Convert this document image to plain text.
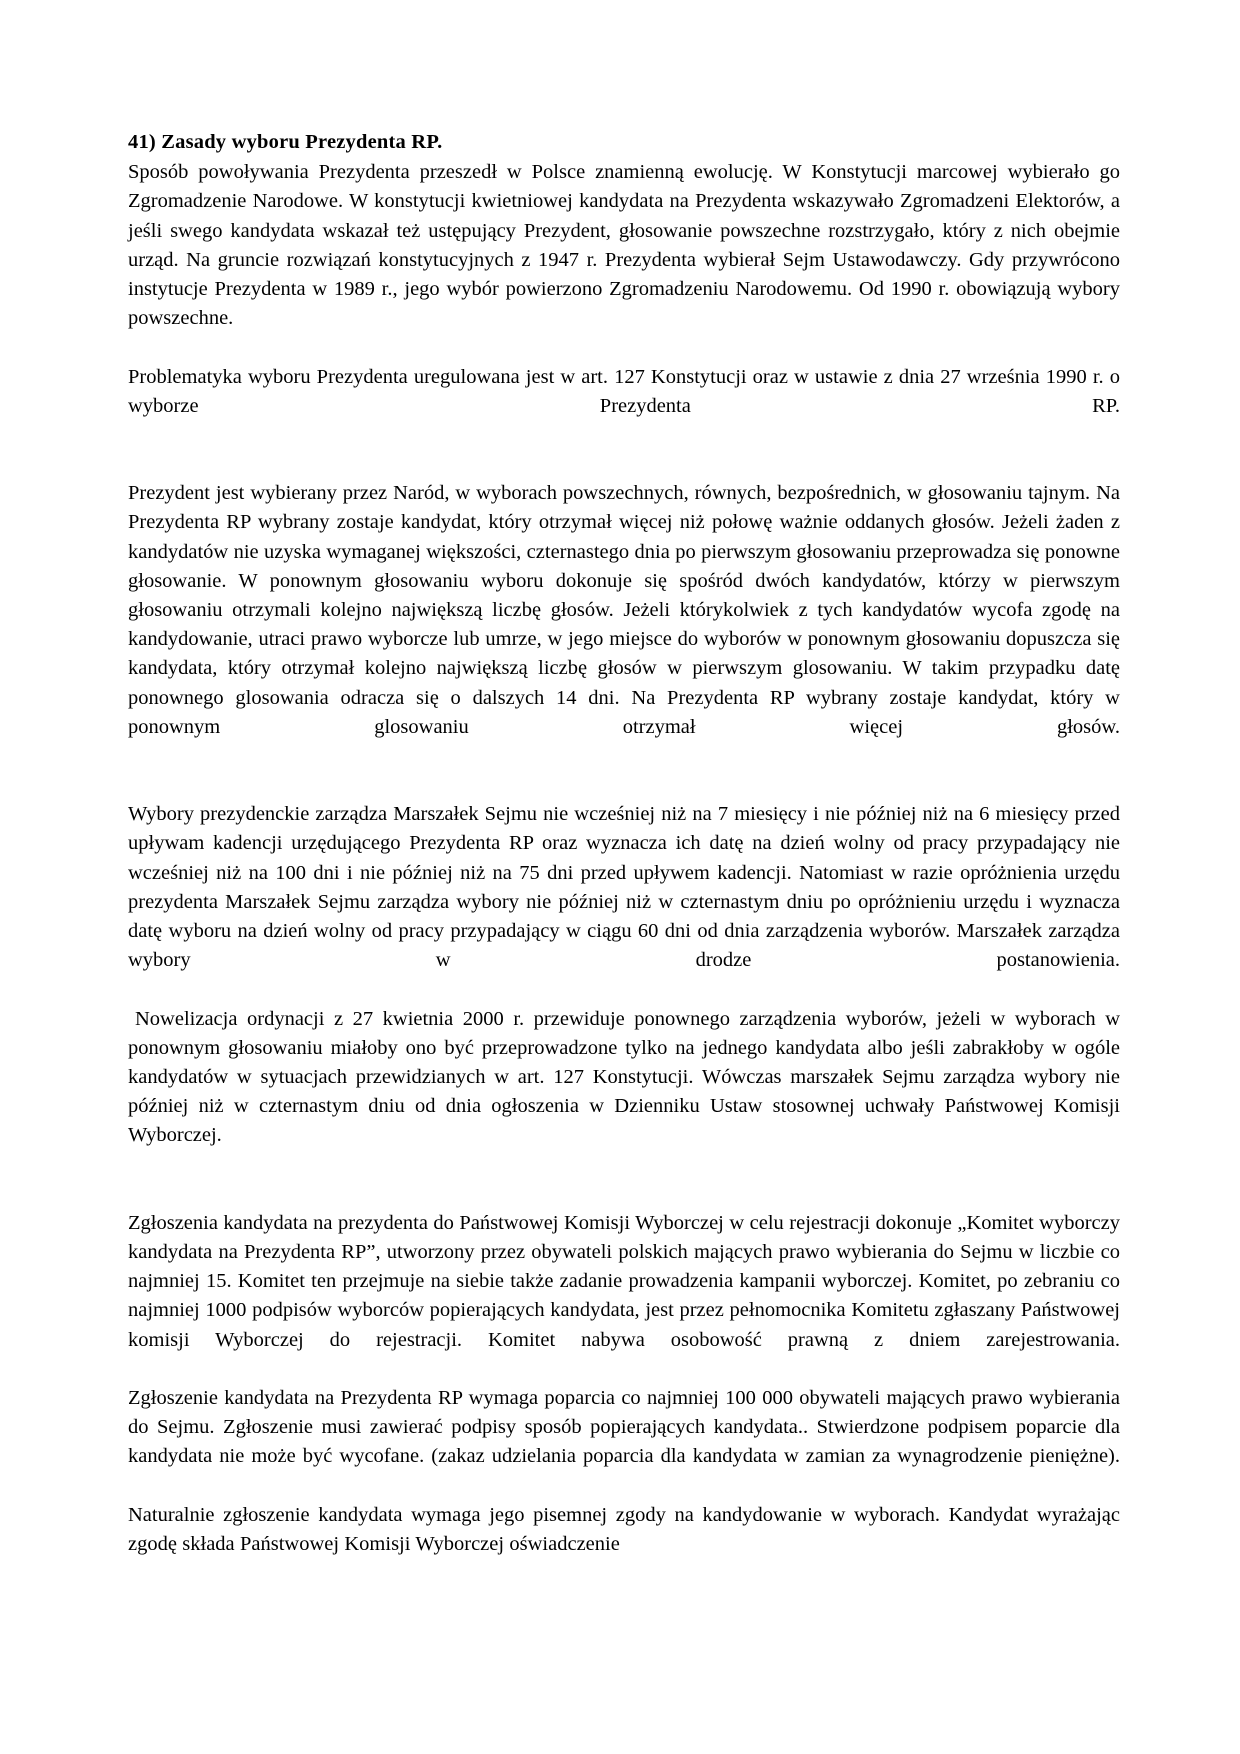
41) Zasady wyboru Prezydenta RP.

Sposób powoływania Prezydenta przeszedł w Polsce znamienną ewolucję. W Konstytucji marcowej wybierało go Zgromadzenie Narodowe. W konstytucji kwietniowej kandydata na Prezydenta wskazywało Zgromadzeni Elektorów, a jeśli swego kandydata wskazał też ustępujący Prezydent, głosowanie powszechne rozstrzygało, który z nich obejmie urząd. Na gruncie rozwiązań konstytucyjnych z 1947 r. Prezydenta wybierał Sejm Ustawodawczy. Gdy przywrócono instytucje Prezydenta w 1989 r., jego wybór powierzono Zgromadzeniu Narodowemu. Od 1990 r. obowiązują wybory powszechne.

Problematyka wyboru Prezydenta uregulowana jest w art. 127 Konstytucji oraz w ustawie z dnia 27 września 1990 r. o wyborze Prezydenta RP.

Prezydent jest wybierany przez Naród, w wyborach powszechnych, równych, bezpośrednich, w głosowaniu tajnym. Na Prezydenta RP wybrany zostaje kandydat, który otrzymał więcej niż połowę ważnie oddanych głosów. Jeżeli żaden z kandydatów nie uzyska wymaganej większości, czternastego dnia po pierwszym głosowaniu przeprowadza się ponowne głosowanie. W ponownym głosowaniu wyboru dokonuje się spośród dwóch kandydatów, którzy w pierwszym głosowaniu otrzymali kolejno największą liczbę głosów. Jeżeli którykolwiek z tych kandydatów wycofa zgodę na kandydowanie, utraci prawo wyborcze lub umrze, w jego miejsce do wyborów w ponownym głosowaniu dopuszcza się kandydata, który otrzymał kolejno największą liczbę głosów w pierwszym glosowaniu. W takim przypadku datę ponownego glosowania odracza się o dalszych 14 dni. Na Prezydenta RP wybrany zostaje kandydat, który w ponownym glosowaniu otrzymał więcej głosów.

Wybory prezydenckie zarządza Marszałek Sejmu nie wcześniej niż na 7 miesięcy i nie później niż na 6 miesięcy przed upływam kadencji urzędującego Prezydenta RP oraz wyznacza ich datę na dzień wolny od pracy przypadający nie wcześniej niż na 100 dni i nie później niż na 75 dni przed upływem kadencji. Natomiast w razie opróżnienia urzędu prezydenta Marszałek Sejmu zarządza wybory nie później niż w czternastym dniu po opróżnieniu urzędu i wyznacza datę wyboru na dzień wolny od pracy przypadający w ciągu 60 dni od dnia zarządzenia wyborów. Marszałek zarządza wybory w drodze postanowienia.

Nowelizacja ordynacji z 27 kwietnia 2000 r. przewiduje ponownego zarządzenia wyborów, jeżeli w wyborach w ponownym głosowaniu miałoby ono być przeprowadzone tylko na jednego kandydata albo jeśli zabrakłoby w ogóle kandydatów w sytuacjach przewidzianych w art. 127 Konstytucji. Wówczas marszałek Sejmu zarządza wybory nie później niż w czternastym dniu od dnia ogłoszenia w Dzienniku Ustaw stosownej uchwały Państwowej Komisji Wyborczej.

Zgłoszenia kandydata na prezydenta do Państwowej Komisji Wyborczej w celu rejestracji dokonuje „Komitet wyborczy kandydata na Prezydenta RP”, utworzony przez obywateli polskich mających prawo wybierania do Sejmu w liczbie co najmniej 15. Komitet ten przejmuje na siebie także zadanie prowadzenia kampanii wyborczej. Komitet, po zebraniu co najmniej 1000 podpisów wyborców popierających kandydata, jest przez pełnomocnika Komitetu zgłaszany Państwowej komisji Wyborczej do rejestracji. Komitet nabywa osobowość prawną z dniem zarejestrowania.

Zgłoszenie kandydata na Prezydenta RP wymaga poparcia co najmniej 100 000 obywateli mających prawo wybierania do Sejmu. Zgłoszenie musi zawierać podpisy sposób popierających kandydata.. Stwierdzone podpisem poparcie dla kandydata nie może być wycofane. (zakaz udzielania poparcia dla kandydata w zamian za wynagrodzenie pieniężne).

Naturalnie zgłoszenie kandydata wymaga jego pisemnej zgody na kandydowanie w wyborach. Kandydat wyrażając zgodę składa Państwowej Komisji Wyborczej oświadczenie
